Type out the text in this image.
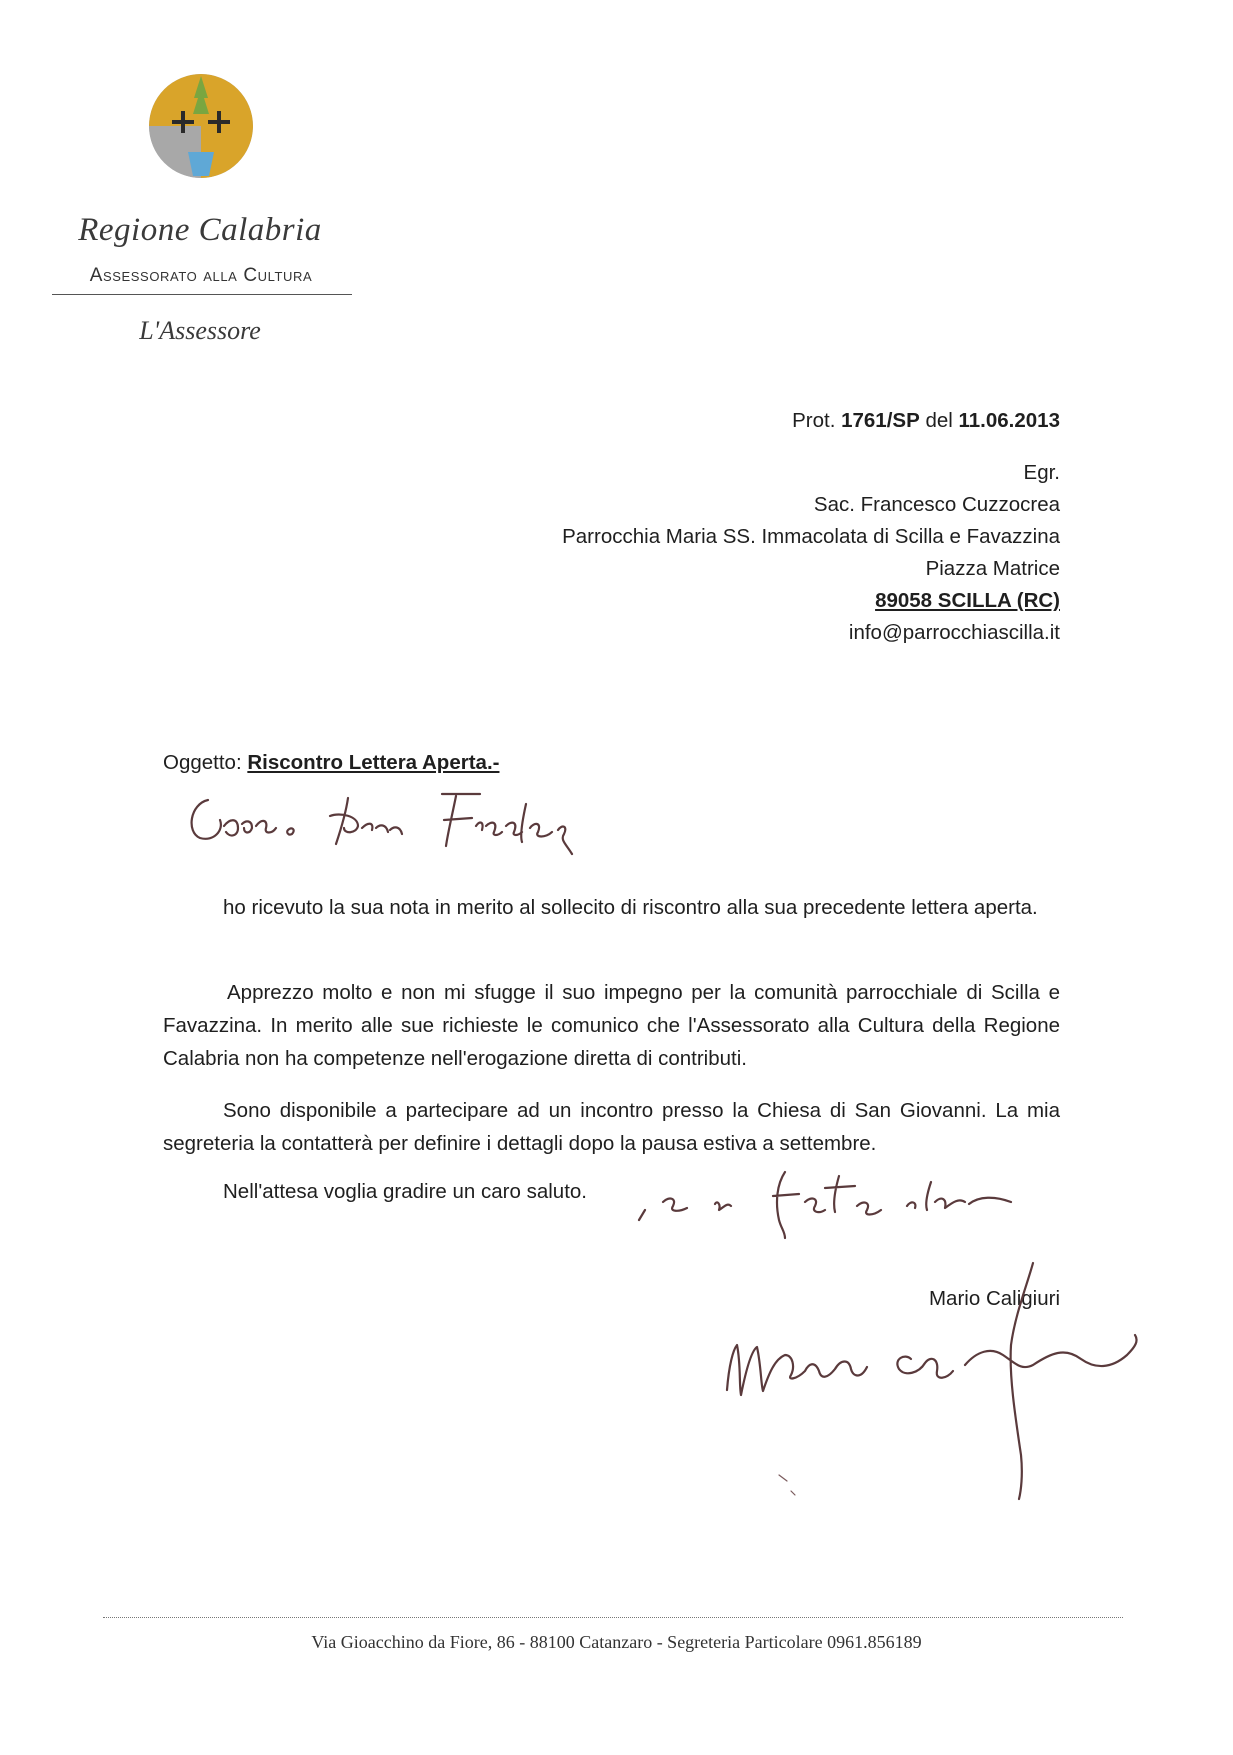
Regione Calabria
Assessorato alla Cultura
L'Assessore
Prot. 1761/SP del 11.06.2013
Egr.
Sac. Francesco Cuzzocrea
Parrocchia Maria SS. Immacolata di Scilla e Favazzina
Piazza Matrice
89058 SCILLA (RC)
info@parrocchiascilla.it
Oggetto: Riscontro Lettera Aperta.-
ho ricevuto la sua nota in merito al sollecito di riscontro alla sua precedente lettera aperta.
Apprezzo molto e non mi sfugge il suo impegno per la comunità parrocchiale di Scilla e Favazzina. In merito alle sue richieste le comunico che l'Assessorato alla Cultura della Regione Calabria non ha competenze nell'erogazione diretta di contributi.
Sono disponibile a partecipare ad un incontro presso la Chiesa di San Giovanni. La mia segreteria la contatterà per definire i dettagli dopo la pausa estiva a settembre.
Nell'attesa voglia gradire un caro saluto.
Mario Caligiuri
Via Gioacchino da Fiore, 86 - 88100 Catanzaro - Segreteria Particolare 0961.856189
